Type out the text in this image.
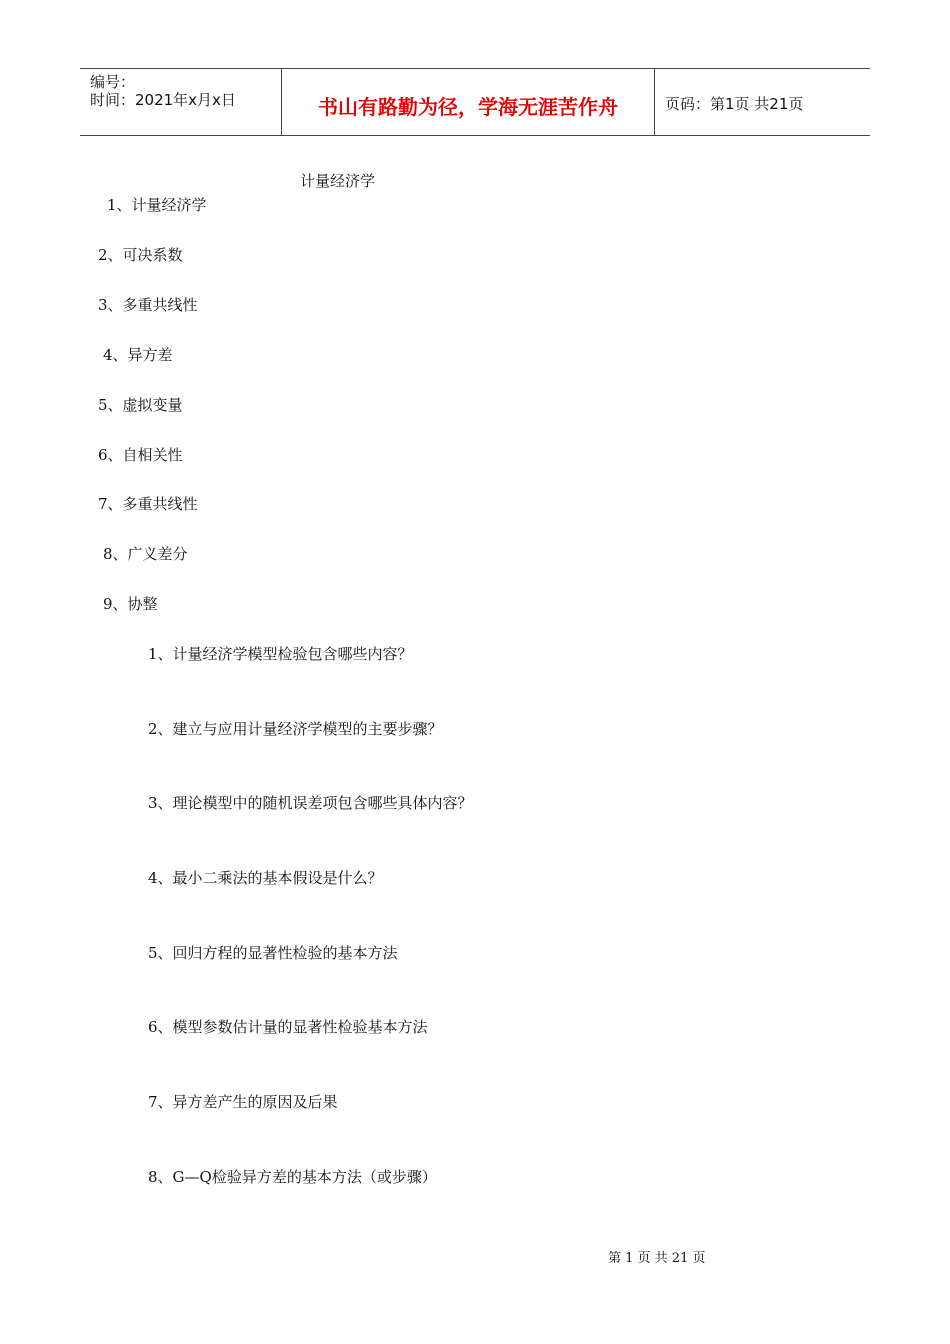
编号：
时间：2021年x月x日	书山有路勤为径，学海无涯苦作舟	页码：第1页 共21页
计量经济学
1、计量经济学
2、可决系数
3、多重共线性
4、异方差
5、虚拟变量
6、自相关性
7、多重共线性
8、广义差分
9、协整
1、计量经济学模型检验包含哪些内容？
2、建立与应用计量经济学模型的主要步骤？
3、理论模型中的随机误差项包含哪些具体内容？
4、最小二乘法的基本假设是什么？
5、回归方程的显著性检验的基本方法
6、模型参数估计量的显著性检验基本方法
7、异方差产生的原因及后果
8、G—Q检验异方差的基本方法（或步骤）
第 1 页 共 21 页
